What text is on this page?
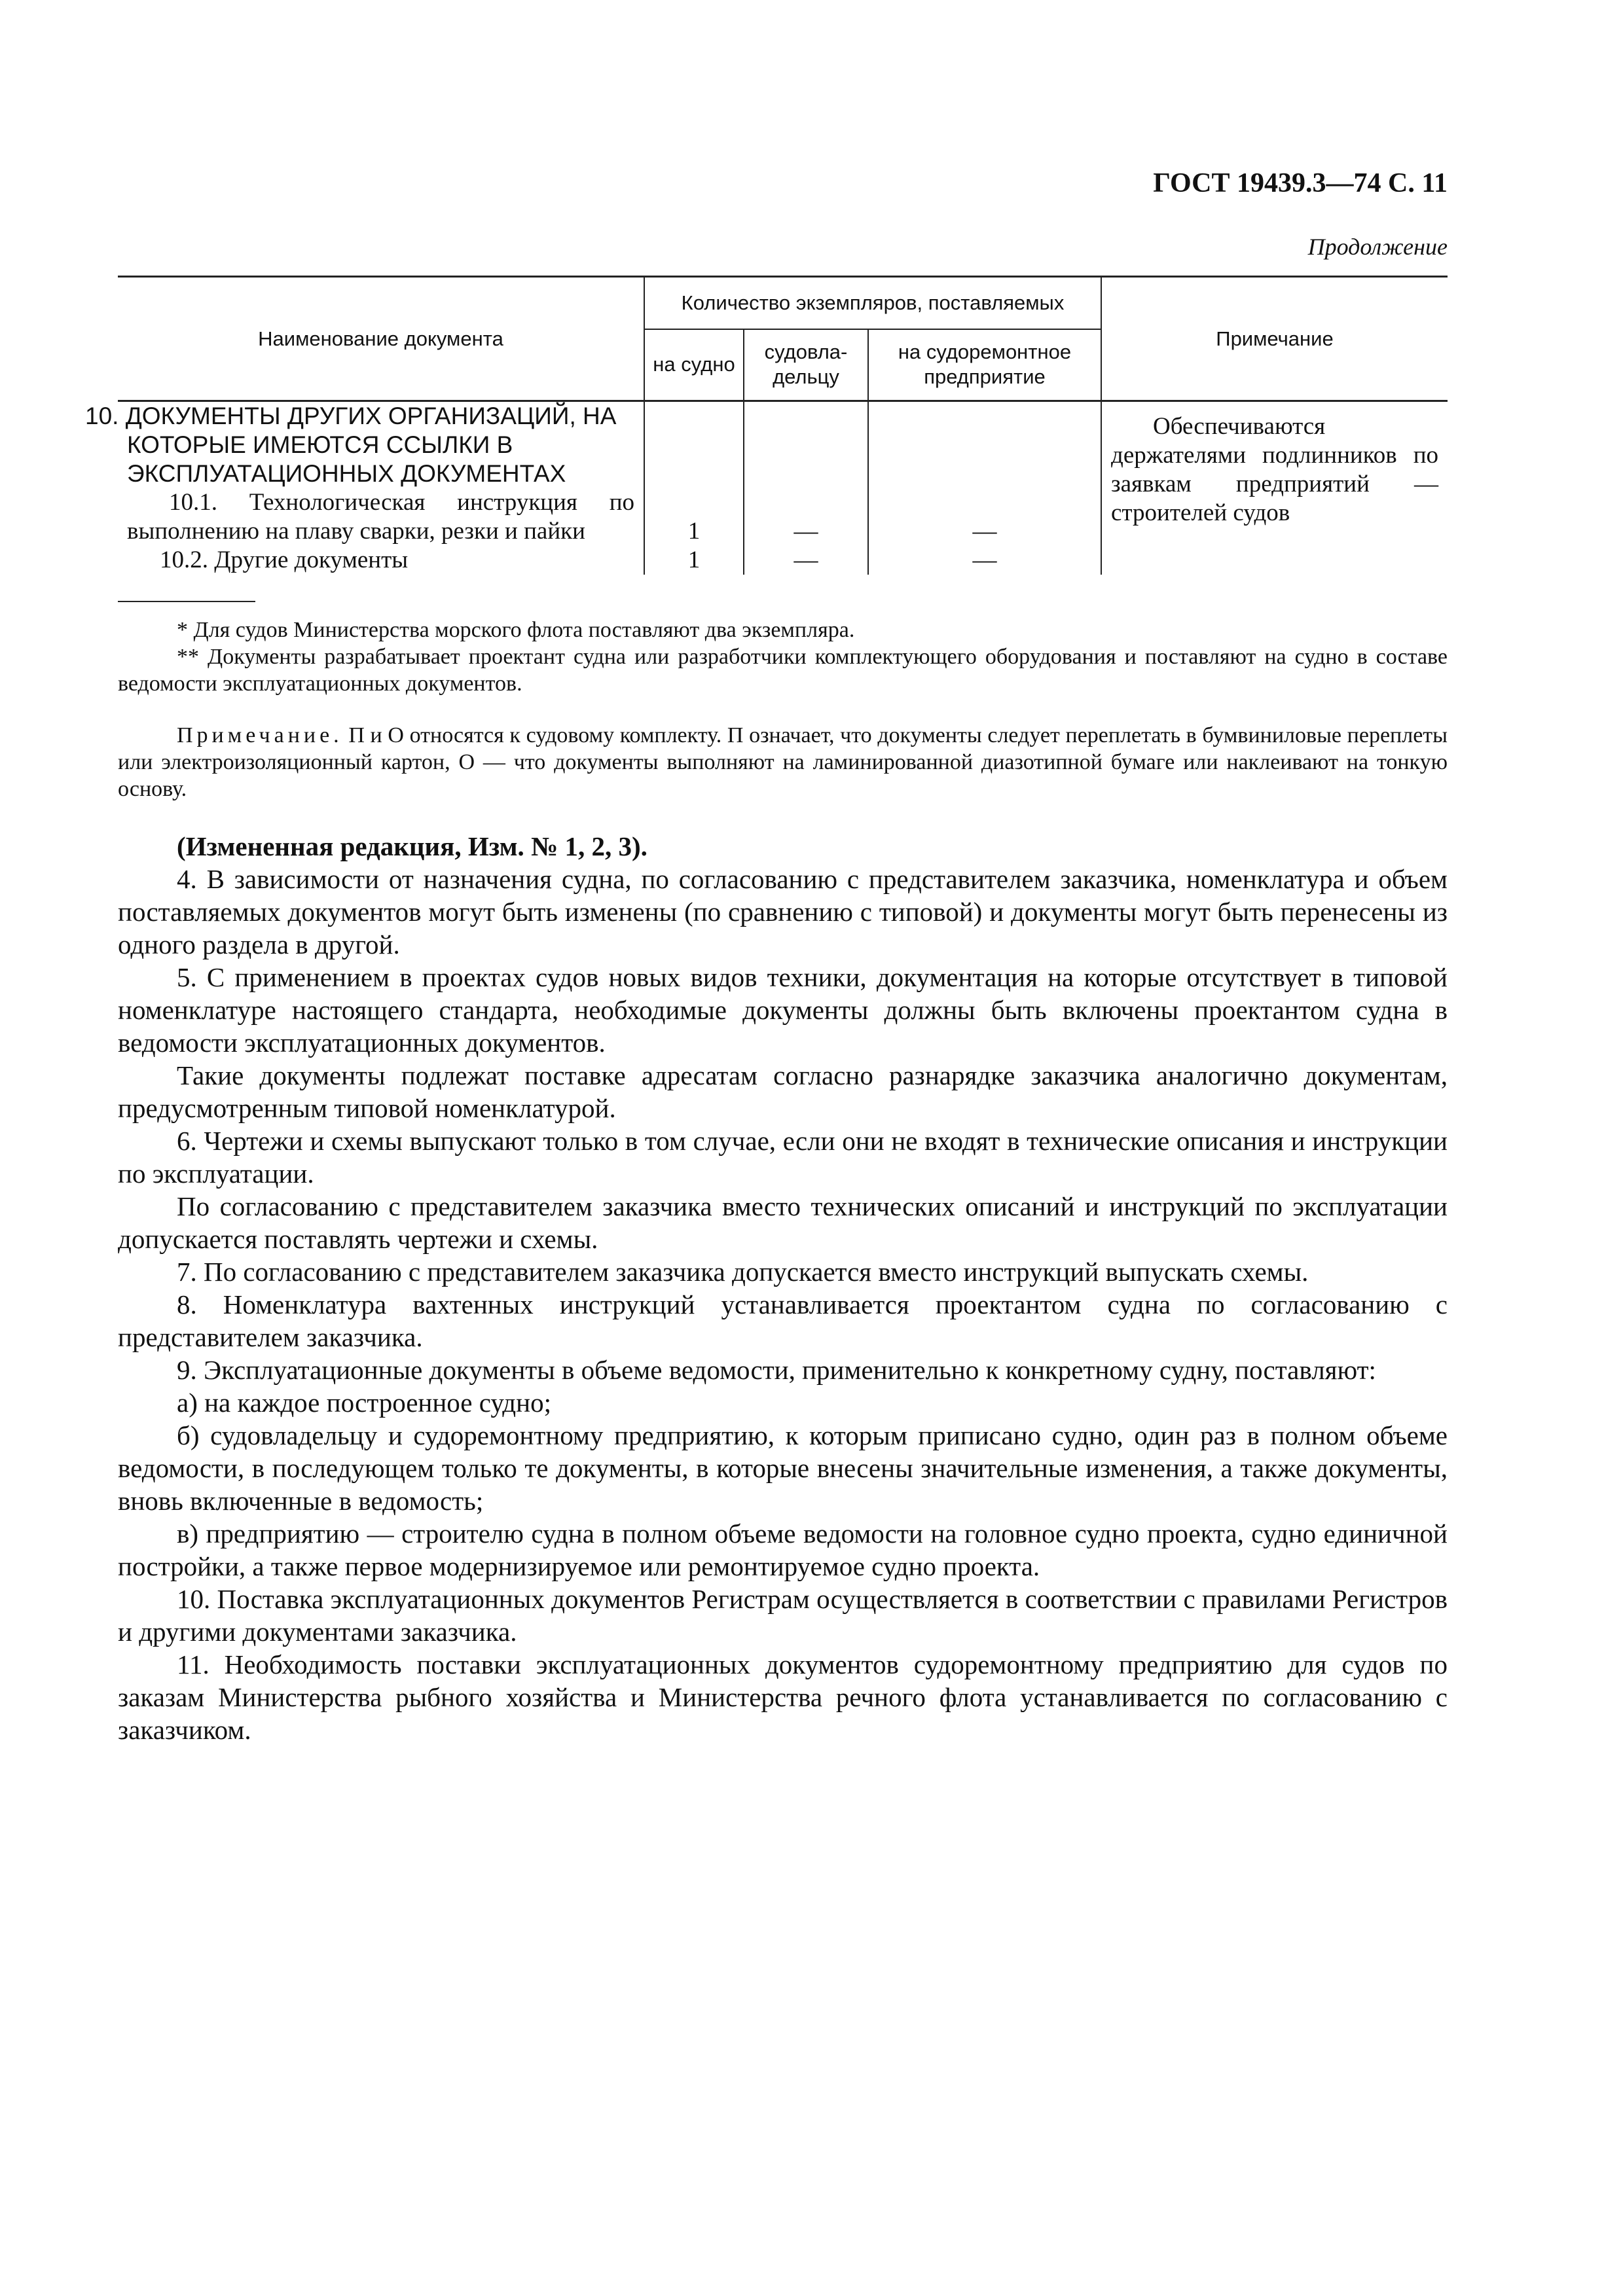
ГОСТ 19439.3—74 С. 11
Продолжение
Наименование документа	Количество экземпляров, поставляемых			Примечание
	на судно	судовла-дельцу	на судоремонтное предприятие	
10. ДОКУМЕНТЫ ДРУГИХ ОРГАНИЗАЦИЙ, НА КОТОРЫЕ ИМЕЮТСЯ ССЫЛКИ В ЭКСПЛУАТАЦИОННЫХ ДОКУМЕНТАХ				Обеспечиваются держателями подлинников по заявкам предприятий — строителей судов

10.1. Технологическая инструкция по выполнению на плаву сварки, резки и пайки	1	—	—	
10.2. Другие документы	1	—	—	

* Для судов Министерства морского флота поставляют два экземпляра.

** Документы разрабатывает проектант судна или разработчики комплектующего оборудования и поставляют на судно в составе ведомости эксплуатационных документов.

Примечание. П и О относятся к судовому комплекту. П означает, что документы следует переплетать в бумвиниловые переплеты или электроизоляционный картон, О — что документы выполняют на ламинированной диазотипной бумаге или наклеивают на тонкую основу.

(Измененная редакция, Изм. № 1, 2, 3).

4. В зависимости от назначения судна, по согласованию с представителем заказчика, номенклатура и объем поставляемых документов могут быть изменены (по сравнению с типовой) и документы могут быть перенесены из одного раздела в другой.

5. С применением в проектах судов новых видов техники, документация на которые отсутствует в типовой номенклатуре настоящего стандарта, необходимые документы должны быть включены проектантом судна в ведомости эксплуатационных документов.

Такие документы подлежат поставке адресатам согласно разнарядке заказчика аналогично документам, предусмотренным типовой номенклатурой.

6. Чертежи и схемы выпускают только в том случае, если они не входят в технические описания и инструкции по эксплуатации.

По согласованию с представителем заказчика вместо технических описаний и инструкций по эксплуатации допускается поставлять чертежи и схемы.

7. По согласованию с представителем заказчика допускается вместо инструкций выпускать схемы.

8. Номенклатура вахтенных инструкций устанавливается проектантом судна по согласованию с представителем заказчика.

9. Эксплуатационные документы в объеме ведомости, применительно к конкретному судну, поставляют:

а) на каждое построенное судно;

б) судовладельцу и судоремонтному предприятию, к которым приписано судно, один раз в полном объеме ведомости, в последующем только те документы, в которые внесены значительные изменения, а также документы, вновь включенные в ведомость;

в) предприятию — строителю судна в полном объеме ведомости на головное судно проекта, судно единичной постройки, а также первое модернизируемое или ремонтируемое судно проекта.

10. Поставка эксплуатационных документов Регистрам осуществляется в соответствии с правилами Регистров и другими документами заказчика.

11. Необходимость поставки эксплуатационных документов судоремонтному предприятию для судов по заказам Министерства рыбного хозяйства и Министерства речного флота устанавливается по согласованию с заказчиком.
